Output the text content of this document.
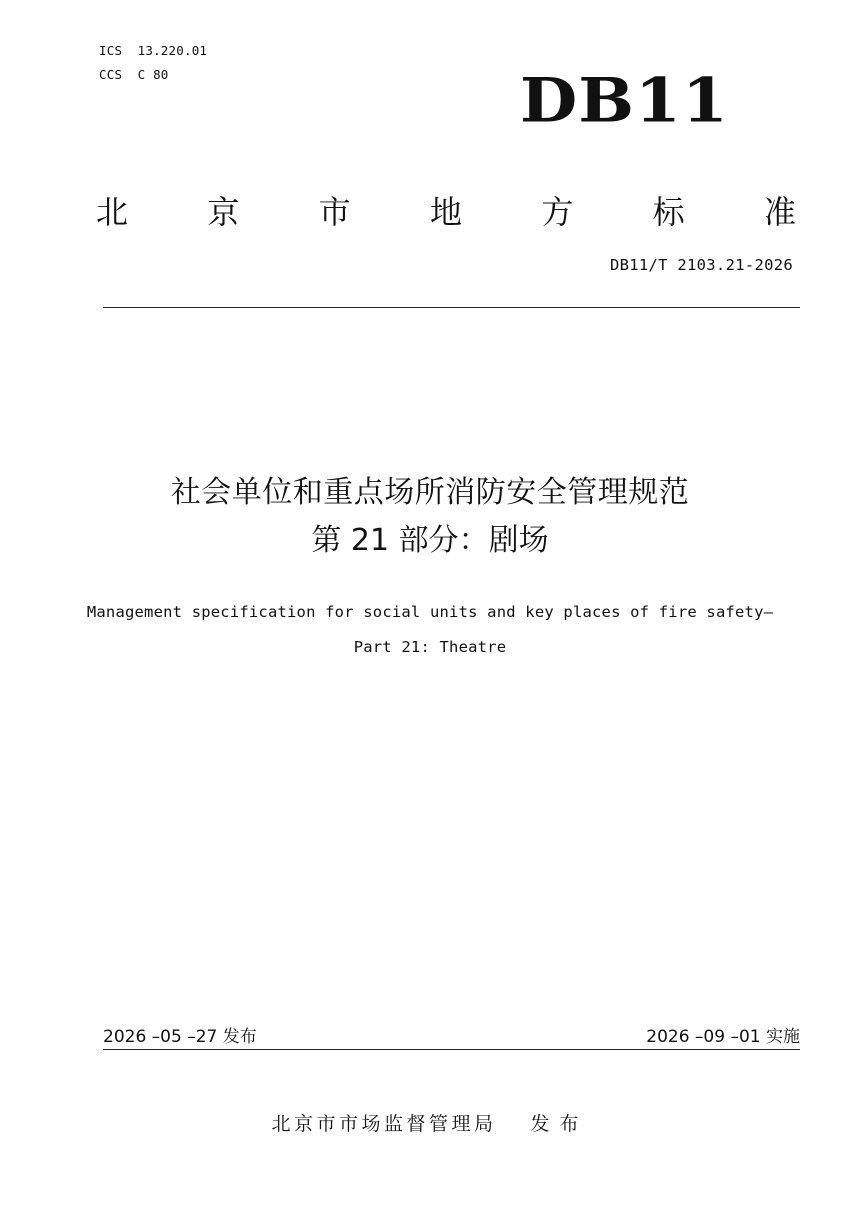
ICS  13.220.01
CCS  C 80	DB11
北 京 市 地 方 标 准
DB11/T 2103.21-2026
社会单位和重点场所消防安全管理规范
第 21 部分：剧场
Management specification for social units and key places of fire safety—
Part 21: Theatre
2026 –05 –27 发布	2026 –09 –01 实施
北京市市场监督管理局 发布
